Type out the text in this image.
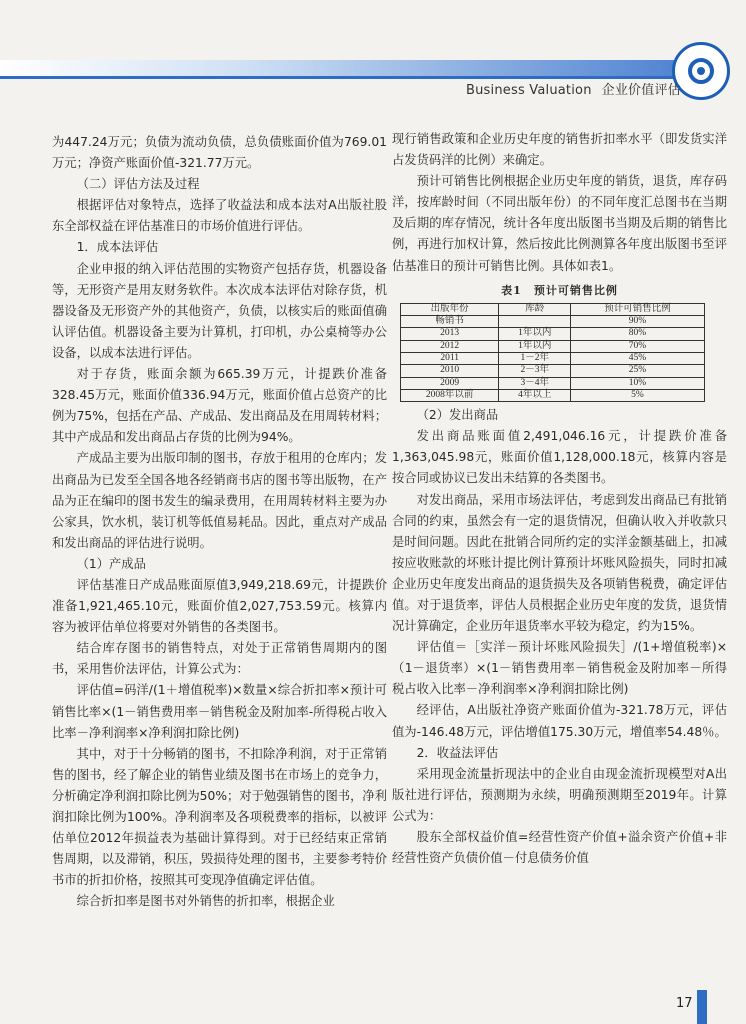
Business Valuation 企业价值评估

为447.24万元；负债为流动负债，总负债账面价值为769.01万元；净资产账面价值-321.77万元。

（二）评估方法及过程

根据评估对象特点，选择了收益法和成本法对A出版社股东全部权益在评估基准日的市场价值进行评估。

1．成本法评估

企业申报的纳入评估范围的实物资产包括存货，机器设备等，无形资产是用友财务软件。本次成本法评估对除存货，机器设备及无形资产外的其他资产，负债，以核实后的账面值确认评估值。机器设备主要为计算机，打印机，办公桌椅等办公设备，以成本法进行评估。

对于存货，账面余额为665.39万元，计提跌价准备328.45万元，账面价值336.94万元，账面价值占总资产的比例为75%，包括在产品、产成品、发出商品及在用周转材料；其中产成品和发出商品占存货的比例为94%。

产成品主要为出版印制的图书，存放于租用的仓库内；发出商品为已发至全国各地各经销商书店的图书等出版物，在产品为正在编印的图书发生的编录费用，在用周转材料主要为办公家具，饮水机，装订机等低值易耗品。因此，重点对产成品和发出商品的评估进行说明。

（1）产成品

评估基准日产成品账面原值3,949,218.69元，计提跌价准备1,921,465.10元，账面价值2,027,753.59元。核算内容为被评估单位将要对外销售的各类图书。

结合库存图书的销售特点，对处于正常销售周期内的图书，采用售价法评估，计算公式为：

评估值=码洋/(1＋增值税率)×数量×综合折扣率×预计可销售比率×(1－销售费用率－销售税金及附加率-所得税占收入比率－净利润率×净利润扣除比例)

其中，对于十分畅销的图书，不扣除净利润，对于正常销售的图书，经了解企业的销售业绩及图书在市场上的竞争力，分析确定净利润扣除比例为50%；对于勉强销售的图书，净利润扣除比例为100%。净利润率及各项税费率的指标，以被评估单位2012年损益表为基础计算得到。对于已经结束正常销售周期，以及滞销，积压，毁损待处理的图书，主要参考特价书市的折扣价格，按照其可变现净值确定评估值。

综合折扣率是图书对外销售的折扣率，根据企业

现行销售政策和企业历史年度的销售折扣率水平（即发货实洋占发货码洋的比例）来确定。

预计可销售比例根据企业历史年度的销货，退货，库存码洋，按库龄时间（不同出版年份）的不同年度汇总图书在当期及后期的库存情况，统计各年度出版图书当期及后期的销售比例，再进行加权计算，然后按此比例测算各年度出版图书至评估基准日的预计可销售比例。具体如表1。

表1　预计可销售比例
出版年份	库龄	预计可销售比例
畅销书		90%
2013	1年以内	80%
2012	1年以内	70%
2011	1－2年	45%
2010	2－3年	25%
2009	3－4年	10%
2008年以前	4年以上	5%

（2）发出商品

发出商品账面值2,491,046.16元，计提跌价准备1,363,045.98元，账面价值1,128,000.18元，核算内容是按合同或协议已发出未结算的各类图书。

对发出商品，采用市场法评估，考虑到发出商品已有批销合同的约束，虽然会有一定的退货情况，但确认收入并收款只是时间问题。因此在批销合同所约定的实洋金额基础上，扣减按应收账款的坏账计提比例计算预计坏账风险损失，同时扣减企业历史年度发出商品的退货损失及各项销售税费，确定评估值。对于退货率，评估人员根据企业历史年度的发货，退货情况计算确定，企业历年退货率水平较为稳定，约为15%。

评估值＝［实洋－预计坏账风险损失］/(1+增值税率)×（1－退货率）×(1－销售费用率－销售税金及附加率－所得税占收入比率－净利润率×净利润扣除比例)

经评估，A出版社净资产账面价值为-321.78万元，评估值为-146.48万元，评估增值175.30万元，增值率54.48％。

2．收益法评估

采用现金流量折现法中的企业自由现金流折现模型对A出版社进行评估，预测期为永续，明确预测期至2019年。计算公式为：

股东全部权益价值=经营性资产价值+溢余资产价值+非经营性资产负债价值－付息债务价值

17
